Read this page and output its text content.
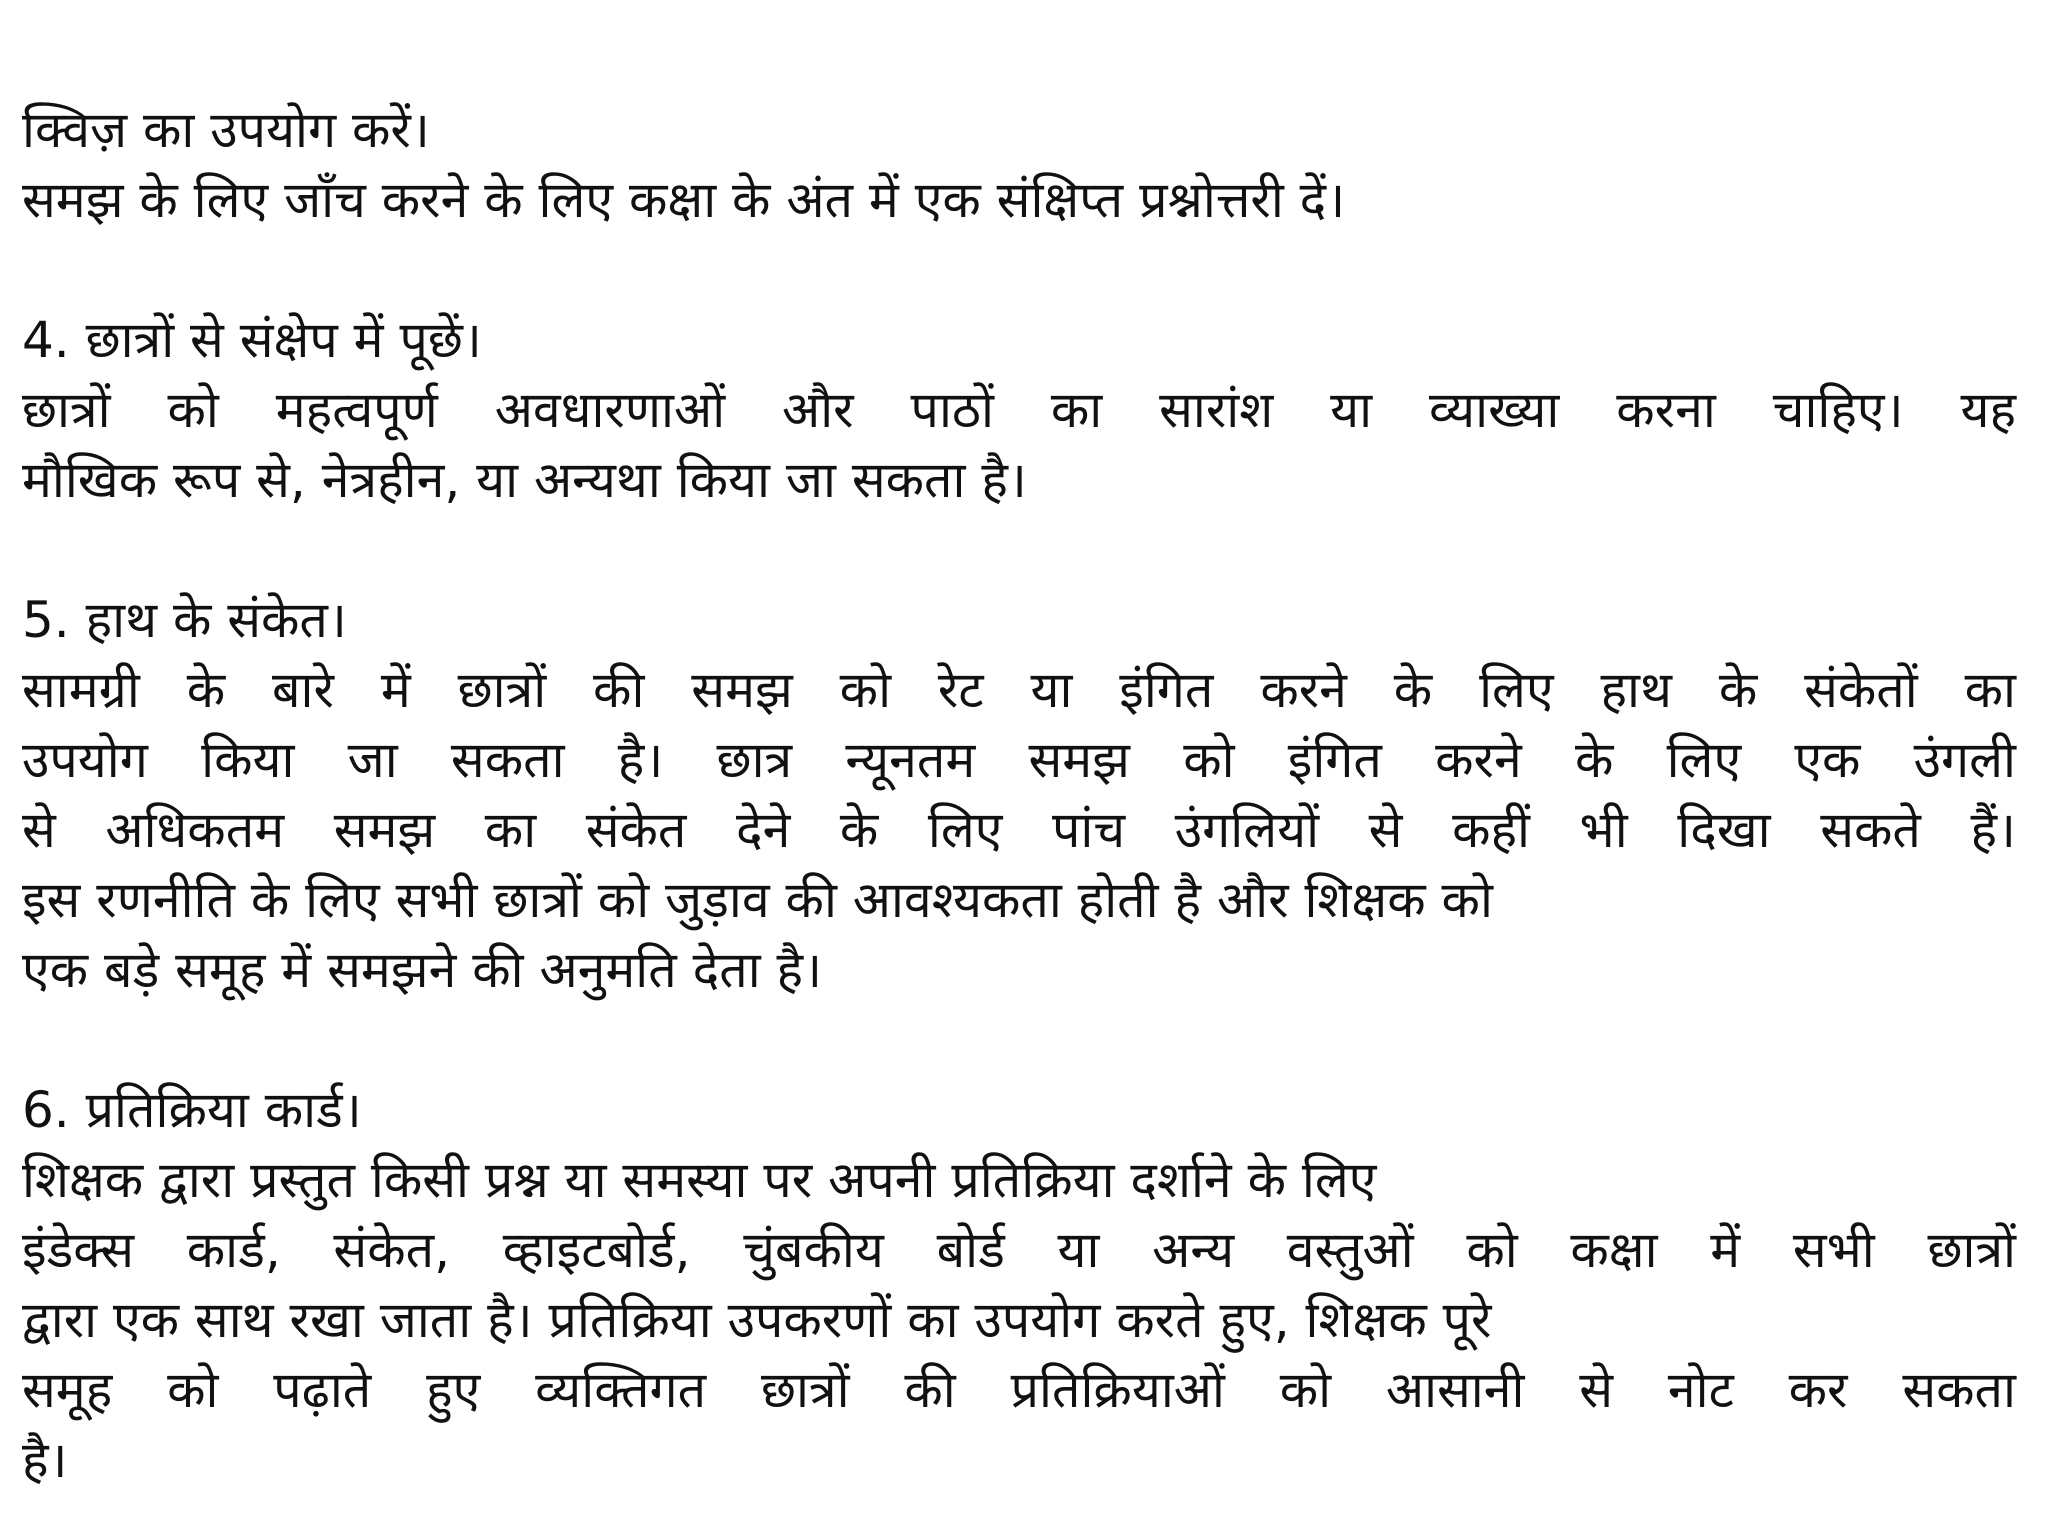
क्विज़ का उपयोग करें।
समझ के लिए जाँच करने के लिए कक्षा के अंत में एक संक्षिप्त प्रश्नोत्तरी दें।
4. छात्रों से संक्षेप में पूछें।
छात्रों को महत्वपूर्ण अवधारणाओं और पाठों का सारांश या व्याख्या करना चाहिए। यह
मौखिक रूप से, नेत्रहीन, या अन्यथा किया जा सकता है।
5. हाथ के संकेत।
सामग्री के बारे में छात्रों की समझ को रेट या इंगित करने के लिए हाथ के संकेतों का
उपयोग किया जा सकता है। छात्र न्यूनतम समझ को इंगित करने के लिए एक उंगली
से अधिकतम समझ का संकेत देने के लिए पांच उंगलियों से कहीं भी दिखा सकते हैं।
इस रणनीति के लिए सभी छात्रों को जुड़ाव की आवश्यकता होती है और शिक्षक को
एक बड़े समूह में समझने की अनुमति देता है।
6. प्रतिक्रिया कार्ड।
शिक्षक द्वारा प्रस्तुत किसी प्रश्न या समस्या पर अपनी प्रतिक्रिया दर्शाने के लिए
इंडेक्स कार्ड, संकेत, व्हाइटबोर्ड, चुंबकीय बोर्ड या अन्य वस्तुओं को कक्षा में सभी छात्रों
द्वारा एक साथ रखा जाता है। प्रतिक्रिया उपकरणों का उपयोग करते हुए, शिक्षक पूरे
समूह को पढ़ाते हुए व्यक्तिगत छात्रों की प्रतिक्रियाओं को आसानी से नोट कर सकता
है।
